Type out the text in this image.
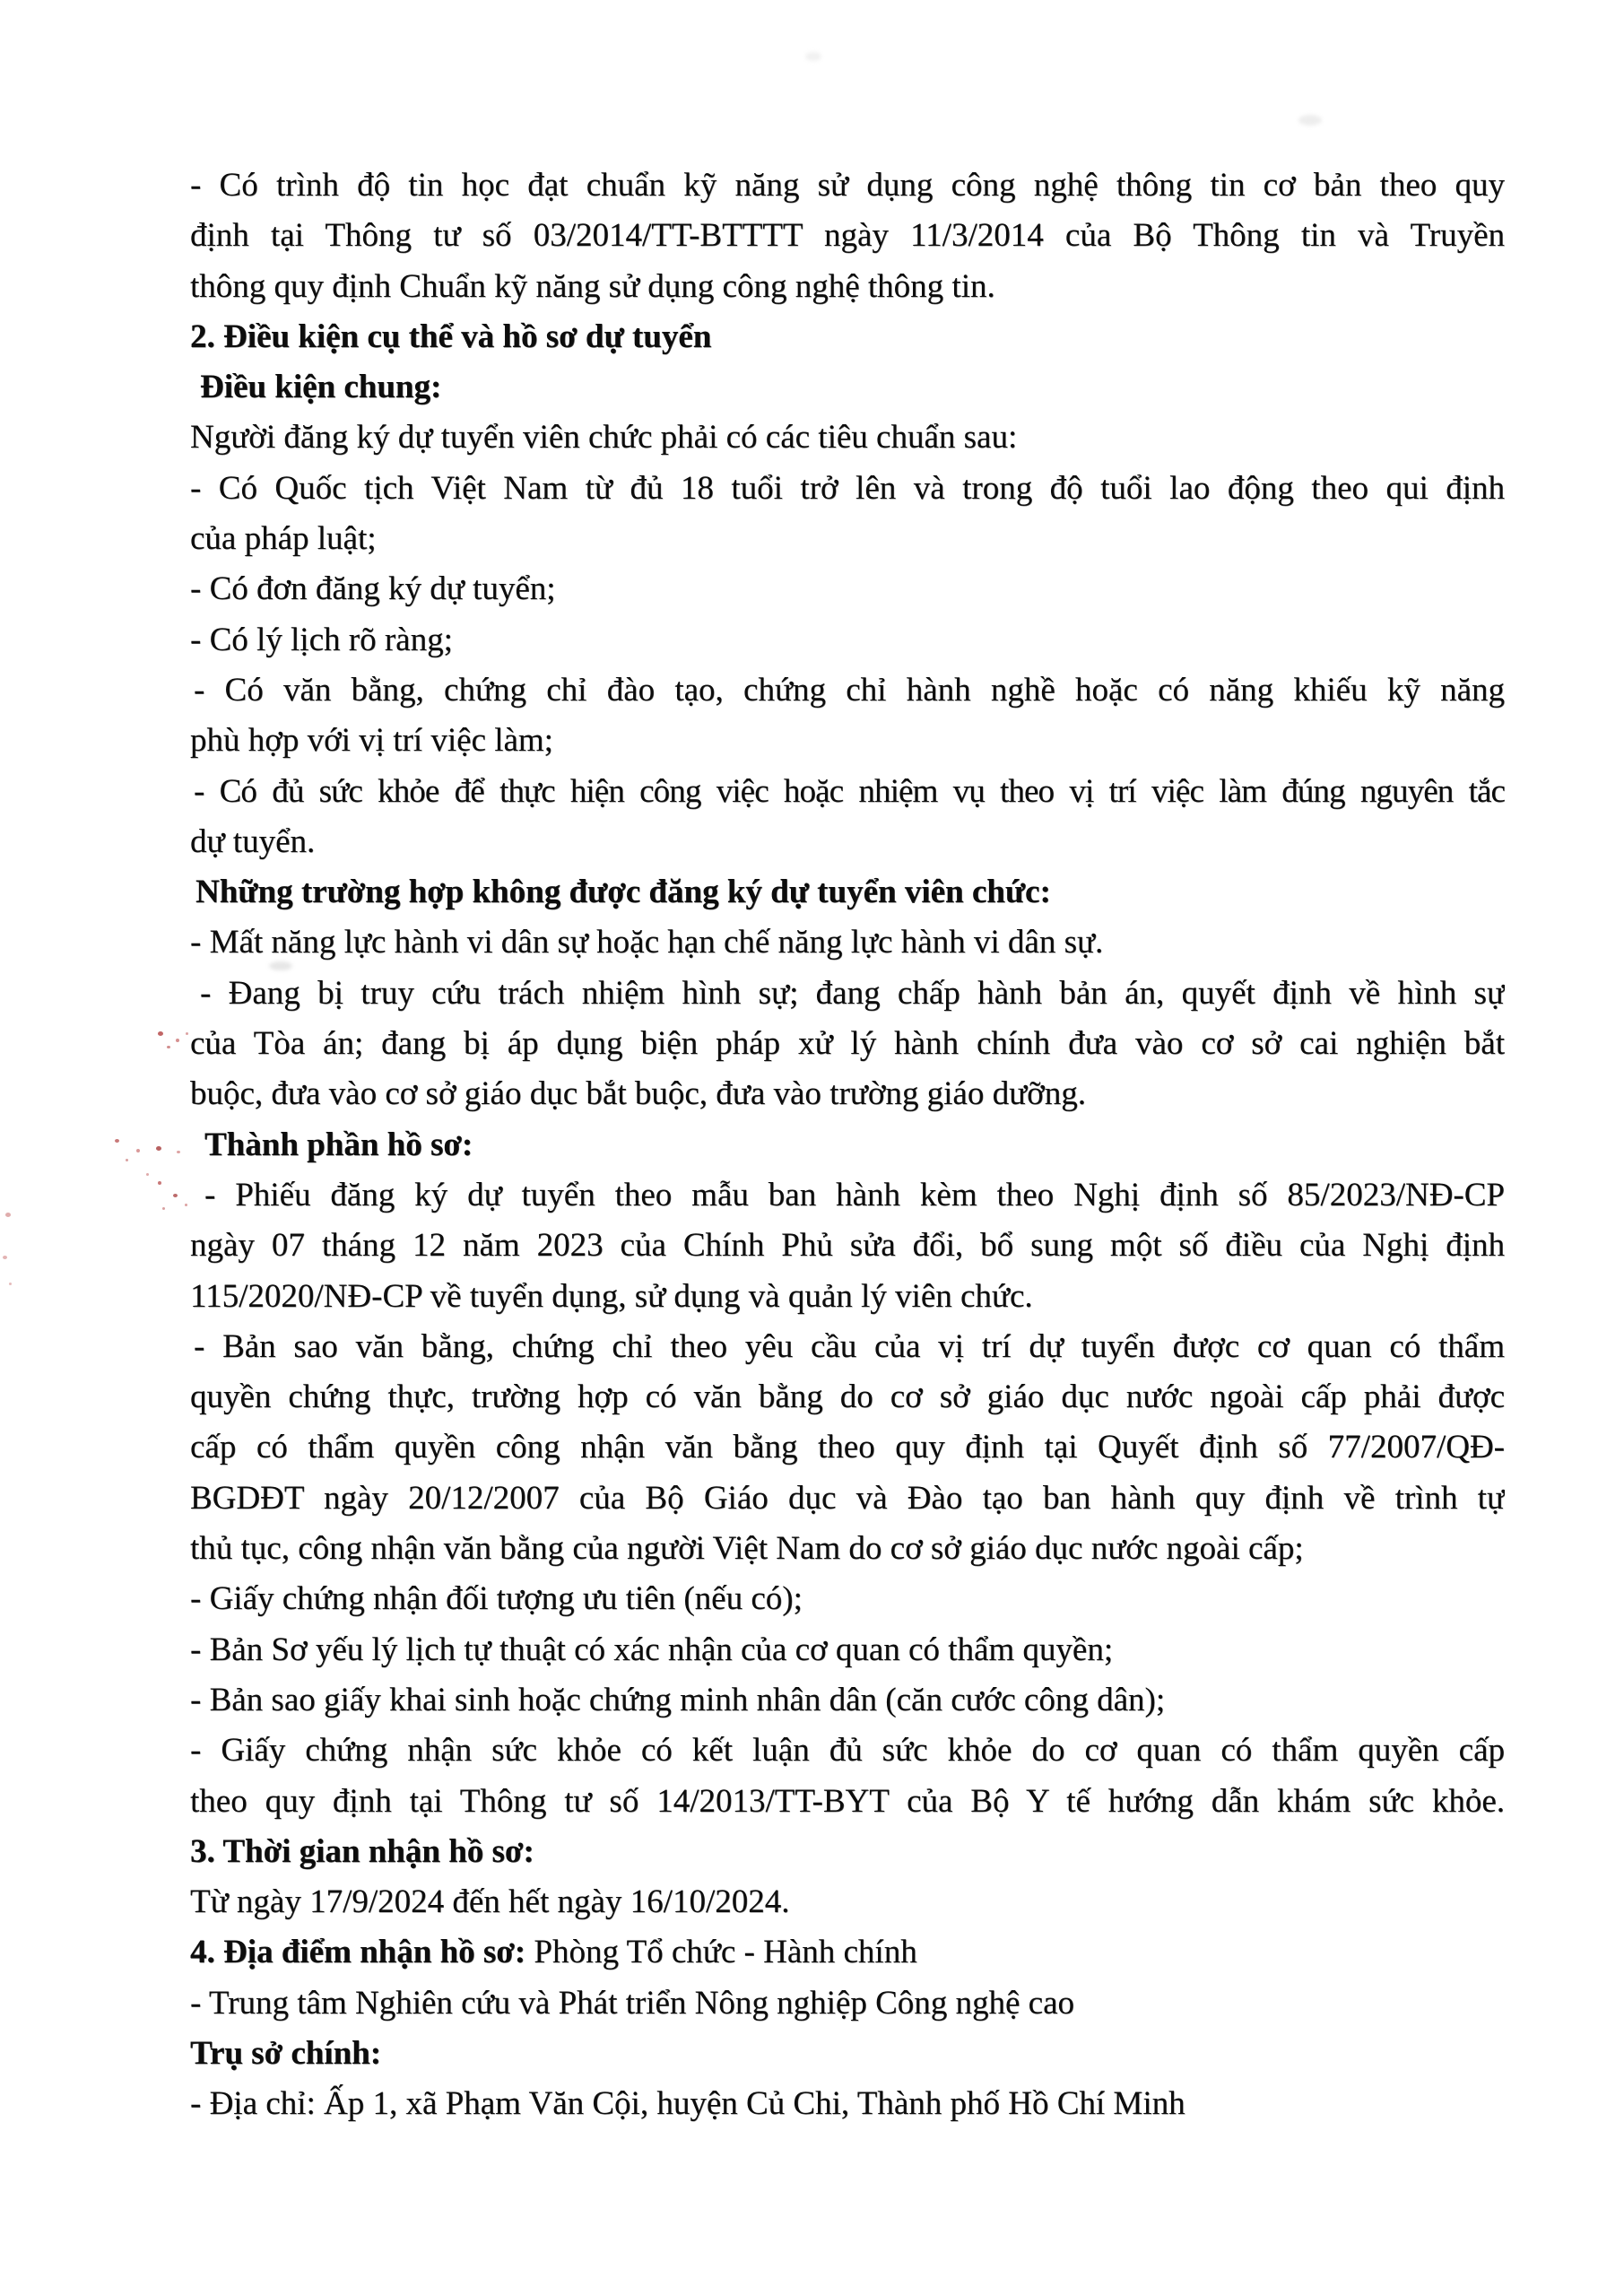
- Có trình độ tin học đạt chuẩn kỹ năng sử dụng công nghệ thông tin cơ bản theo quy
định tại Thông tư số 03/2014/TT-BTTTT ngày 11/3/2014 của Bộ Thông tin và Truyền
thông quy định Chuẩn kỹ năng sử dụng công nghệ thông tin.
2. Điều kiện cụ thể và hồ sơ dự tuyển
Điều kiện chung:
Người đăng ký dự tuyển viên chức phải có các tiêu chuẩn sau:
- Có Quốc tịch Việt Nam từ đủ 18 tuổi trở lên và trong độ tuổi lao động theo qui định
của pháp luật;
- Có đơn đăng ký dự tuyển;
- Có lý lịch rõ ràng;
- Có văn bằng, chứng chỉ đào tạo, chứng chỉ hành nghề hoặc có năng khiếu kỹ năng
phù hợp với vị trí việc làm;
- Có đủ sức khỏe để thực hiện công việc hoặc nhiệm vụ theo vị trí việc làm đúng nguyên tắc
dự tuyển.
Những trường hợp không được đăng ký dự tuyển viên chức:
- Mất năng lực hành vi dân sự hoặc hạn chế năng lực hành vi dân sự.
- Đang bị truy cứu trách nhiệm hình sự; đang chấp hành bản án, quyết định về hình sự
của Tòa án; đang bị áp dụng biện pháp xử lý hành chính đưa vào cơ sở cai nghiện bắt
buộc, đưa vào cơ sở giáo dục bắt buộc, đưa vào trường giáo dưỡng.
Thành phần hồ sơ:
- Phiếu đăng ký dự tuyển theo mẫu ban hành kèm theo Nghị định số 85/2023/NĐ-CP
ngày 07 tháng 12 năm 2023 của Chính Phủ sửa đổi, bổ sung một số điều của Nghị định
115/2020/NĐ-CP về tuyển dụng, sử dụng và quản lý viên chức.
- Bản sao văn bằng, chứng chỉ theo yêu cầu của vị trí dự tuyển được cơ quan có thẩm
quyền chứng thực, trường hợp có văn bằng do cơ sở giáo dục nước ngoài cấp phải được
cấp có thẩm quyền công nhận văn bằng theo quy định tại Quyết định số 77/2007/QĐ-
BGDĐT ngày 20/12/2007 của Bộ Giáo dục và Đào tạo ban hành quy định về trình tự
thủ tục, công nhận văn bằng của người Việt Nam do cơ sở giáo dục nước ngoài cấp;
- Giấy chứng nhận đối tượng ưu tiên (nếu có);
- Bản Sơ yếu lý lịch tự thuật có xác nhận của cơ quan có thẩm quyền;
- Bản sao giấy khai sinh hoặc chứng minh nhân dân (căn cước công dân);
- Giấy chứng nhận sức khỏe có kết luận đủ sức khỏe do cơ quan có thẩm quyền cấp
theo quy định tại Thông tư số 14/2013/TT-BYT của Bộ Y tế hướng dẫn khám sức khỏe.
3. Thời gian nhận hồ sơ:
Từ ngày 17/9/2024 đến hết ngày 16/10/2024.
4. Địa điểm nhận hồ sơ: Phòng Tổ chức - Hành chính
- Trung tâm Nghiên cứu và Phát triển Nông nghiệp Công nghệ cao
Trụ sở chính:
- Địa chỉ: Ấp 1, xã Phạm Văn Cội, huyện Củ Chi, Thành phố Hồ Chí Minh
